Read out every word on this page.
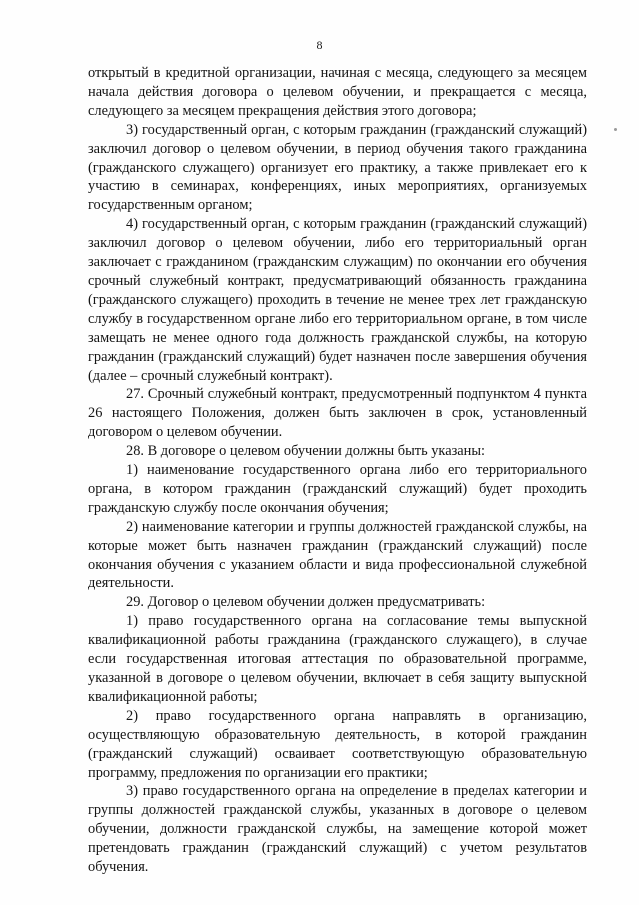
8

открытый в кредитной организации, начиная с месяца, следующего за месяцем начала действия договора о целевом обучении, и прекращается с месяца, следующего за месяцем прекращения действия этого договора;

3) государственный орган, с которым гражданин (гражданский служащий) заключил договор о целевом обучении, в период обучения такого гражданина (гражданского служащего) организует его практику, а также привлекает его к участию в семинарах, конференциях, иных мероприятиях, организуемых государственным органом;

4) государственный орган, с которым гражданин (гражданский служащий) заключил договор о целевом обучении, либо его территориальный орган заключает с гражданином (гражданским служащим) по окончании его обучения срочный служебный контракт, предусматривающий обязанность гражданина (гражданского служащего) проходить в течение не менее трех лет гражданскую службу в государственном органе либо его территориальном органе, в том числе замещать не менее одного года должность гражданской службы, на которую гражданин (гражданский служащий) будет назначен после завершения обучения (далее – срочный служебный контракт).

27. Срочный служебный контракт, предусмотренный подпунктом 4 пункта 26 настоящего Положения, должен быть заключен в срок, установленный договором о целевом обучении.

28. В договоре о целевом обучении должны быть указаны:

1) наименование государственного органа либо его территориального органа, в котором гражданин (гражданский служащий) будет проходить гражданскую службу после окончания обучения;

2) наименование категории и группы должностей гражданской службы, на которые может быть назначен гражданин (гражданский служащий) после окончания обучения с указанием области и вида профессиональной служебной деятельности.

29. Договор о целевом обучении должен предусматривать:

1) право государственного органа на согласование темы выпускной квалификационной работы гражданина (гражданского служащего), в случае если государственная итоговая аттестация по образовательной программе, указанной в договоре о целевом обучении, включает в себя защиту выпускной квалификационной работы;

2) право государственного органа направлять в организацию, осуществляющую образовательную деятельность, в которой гражданин (гражданский служащий) осваивает соответствующую образовательную программу, предложения по организации его практики;

3) право государственного органа на определение в пределах категории и группы должностей гражданской службы, указанных в договоре о целевом обучении, должности гражданской службы, на замещение которой может претендовать гражданин (гражданский служащий) с учетом результатов обучения.
